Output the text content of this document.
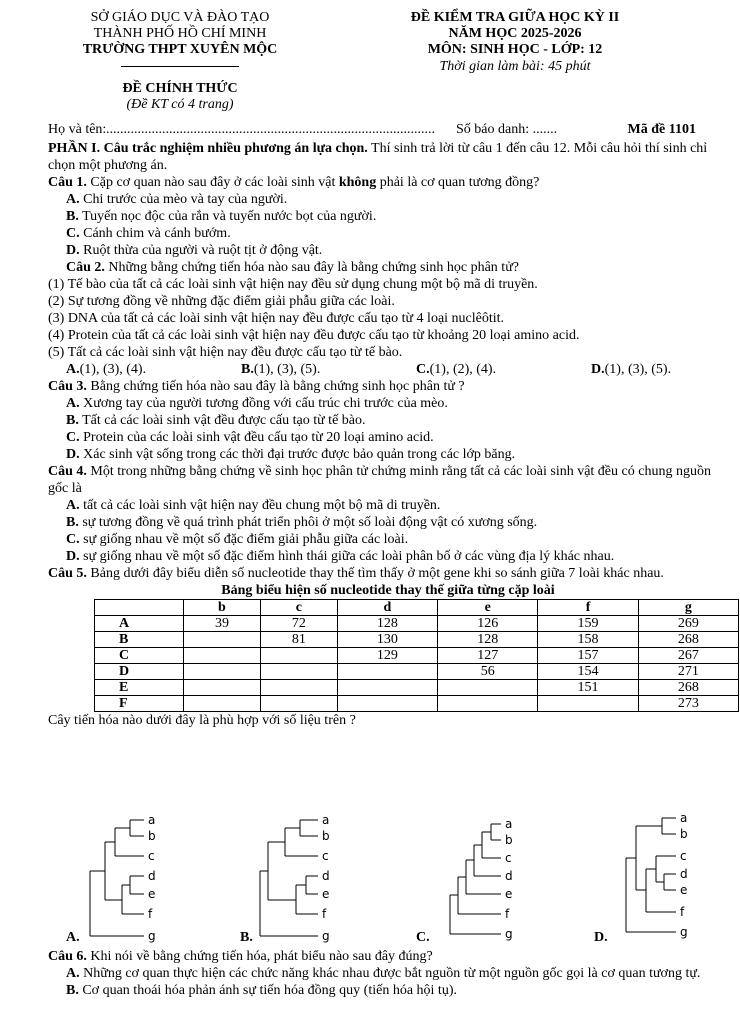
SỞ GIÁO DỤC VÀ ĐÀO TẠO
THÀNH PHỐ HỒ CHÍ MINH
TRƯỜNG THPT XUYÊN MỘC
ĐỀ CHÍNH THỨC
(Đề KT có 4 trang)
ĐỀ KIỂM TRA GIỮA HỌC KỲ II
NĂM HỌC 2025-2026
MÔN: SINH HỌC - LỚP: 12
Thời gian làm bài: 45 phút
Họ và tên: .............................................................................................. Số báo danh: .......	Mã đề 1101

PHẦN I. Câu trắc nghiệm nhiều phương án lựa chọn. Thí sinh trả lời từ câu 1 đến câu 12. Mỗi câu hỏi thí sinh chỉ chọn một phương án.

Câu 1. Cặp cơ quan nào sau đây ở các loài sinh vật không phải là cơ quan tương đồng?

A. Chi trước của mèo và tay của người.

B. Tuyến nọc độc của rắn và tuyến nước bọt của người.

C. Cánh chim và cánh bướm.

D. Ruột thừa của người và ruột tịt ở động vật.

Câu 2. Những bằng chứng tiến hóa nào sau đây là bằng chứng sinh học phân tử?

(1) Tế bào của tất cả các loài sinh vật hiện nay đều sử dụng chung một bộ mã di truyền.

(2) Sự tương đồng về những đặc điểm giải phẫu giữa các loài.

(3) DNA của tất cả các loài sinh vật hiện nay đều được cấu tạo từ 4 loại nuclêôtit.

(4) Protein của tất cả các loài sinh vật hiện nay đều được cấu tạo từ khoảng 20 loại amino acid.

(5) Tất cả các loài sinh vật hiện nay đều được cấu tạo từ tế bào.

A.(1), (3), (4).	B.(1), (3), (5).	C.(1), (2), (4).	D.(1), (3), (5).

Câu 3. Bằng chứng tiến hóa nào sau đây là bằng chứng sinh học phân tử ?

A. Xương tay của người tương đồng với cấu trúc chi trước của mèo.

B. Tất cả các loài sinh vật đều được cấu tạo từ tế bào.

C. Protein của các loài sinh vật đều cấu tạo từ 20 loại amino acid.

D. Xác sinh vật sống trong các thời đại trước được bảo quản trong các lớp băng.

Câu 4. Một trong những bằng chứng về sinh học phân tử chứng minh rằng tất cả các loài sinh vật đều có chung nguồn gốc là

A. tất cả các loài sinh vật hiện nay đều chung một bộ mã di truyền.

B. sự tương đồng về quá trình phát triển phôi ở một số loài động vật có xương sống.

C. sự giống nhau về một số đặc điểm giải phẫu giữa các loài.

D. sự giống nhau về một số đặc điểm hình thái giữa các loài phân bố ở các vùng địa lý khác nhau.

Câu 5. Bảng dưới đây biểu diễn số nucleotide thay thế tìm thấy ở một gene khi so sánh giữa 7 loài khác nhau.

Bảng biểu hiện số nucleotide thay thế giữa từng cặp loài

	b	c	d	e	f	g
A	39	72	128	126	159	269
B		81	130	128	158	268
C			129	127	157	267
D				56	154	271
E					151	268
F						273

Cây tiến hóa nào dưới đây là phù hợp với số liệu trên ?

a
b
c
d
e
f
g
A.
a
b
c
d
e
f
g
B.
a
b
c
d
e
f
g
C.
a
b
c
d
e
f
g
D.

Câu 6. Khi nói về bằng chứng tiến hóa, phát biểu nào sau đây đúng?

A. Những cơ quan thực hiện các chức năng khác nhau được bắt nguồn từ một nguồn gốc gọi là cơ quan tương tự.

B. Cơ quan thoái hóa phản ánh sự tiến hóa đồng quy (tiến hóa hội tụ).
